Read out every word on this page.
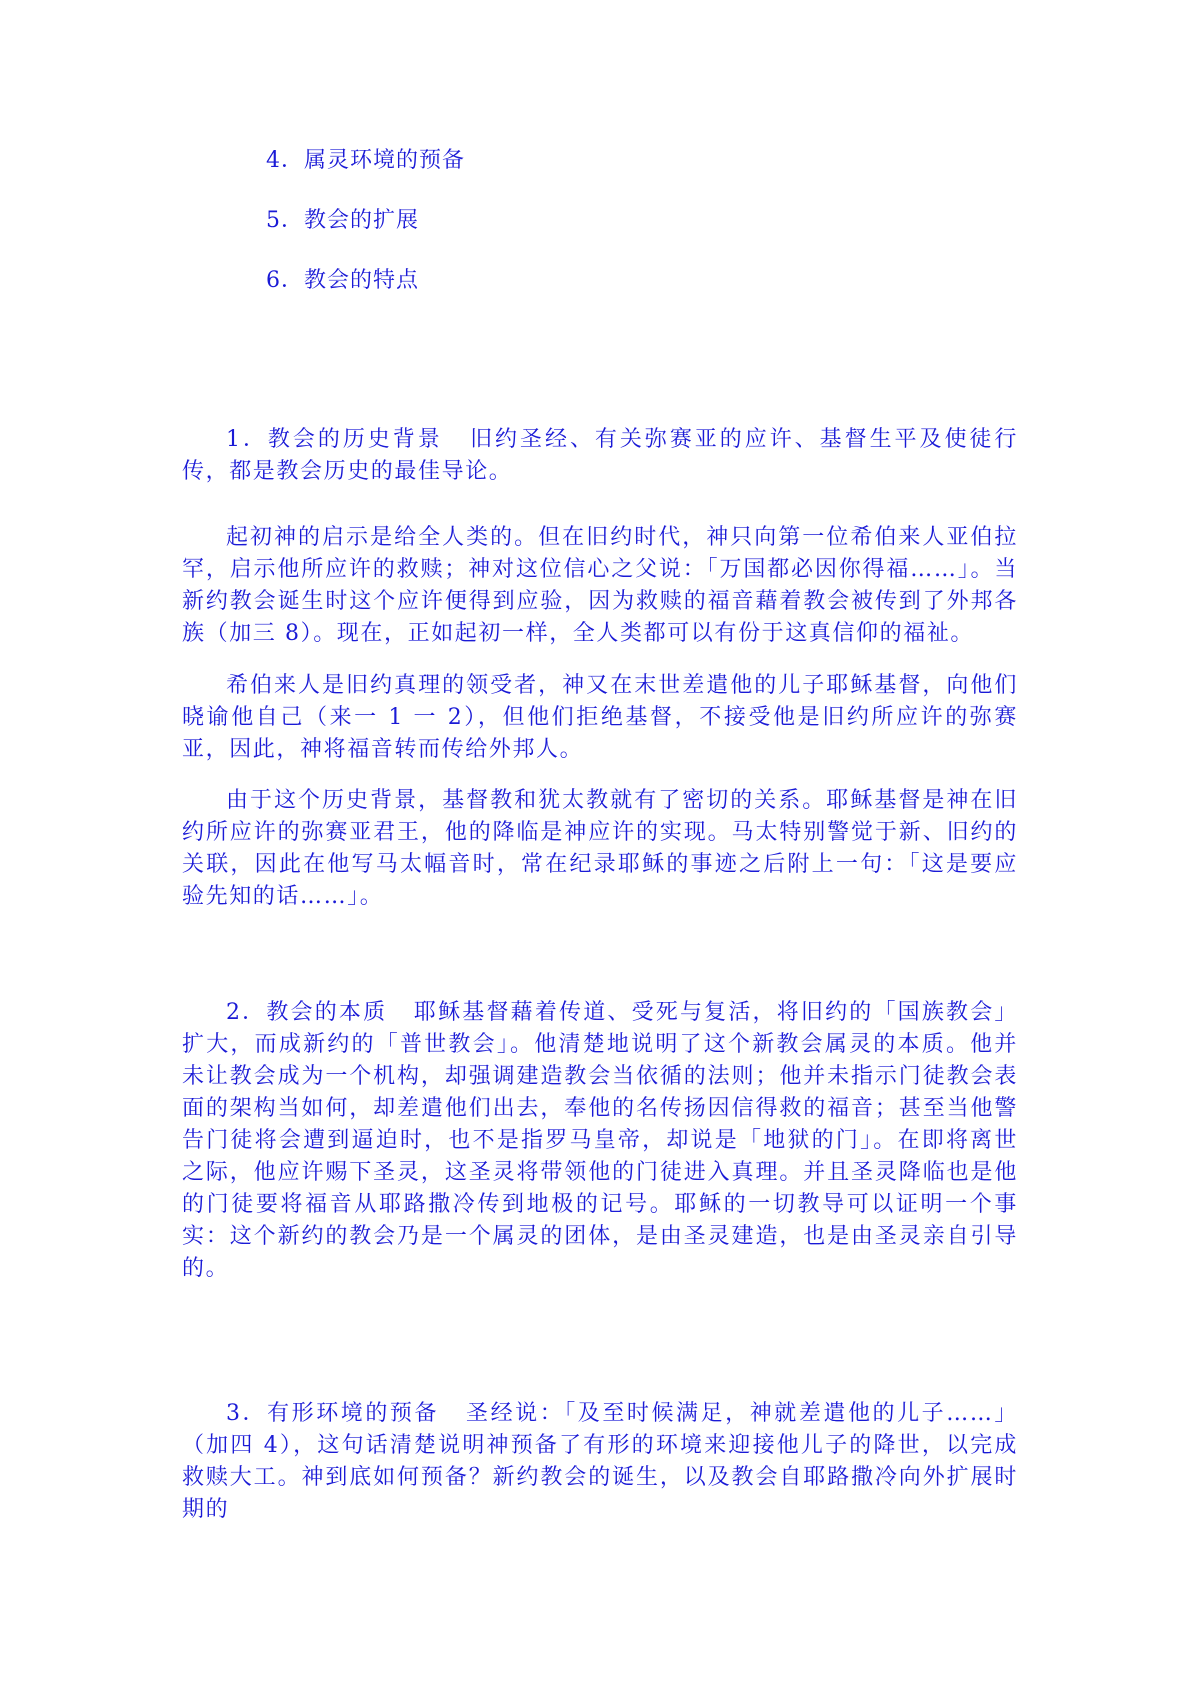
4．属灵环境的预备
5．教会的扩展
6．教会的特点

1．教会的历史背景 旧约圣经、有关弥赛亚的应许、基督生平及使徒行传，都是教会历史的最佳导论。

起初神的启示是给全人类的。但在旧约时代，神只向第一位希伯来人亚伯拉罕，启示他所应许的救赎；神对这位信心之父说：「万国都必因你得福……」。当新约教会诞生时这个应许便得到应验，因为救赎的福音藉着教会被传到了外邦各族（加三 8）。现在，正如起初一样，全人类都可以有份于这真信仰的福祉。

希伯来人是旧约真理的领受者，神又在末世差遣他的儿子耶稣基督，向他们晓谕他自己（来一 1 一 2），但他们拒绝基督，不接受他是旧约所应许的弥赛亚，因此，神将福音转而传给外邦人。

由于这个历史背景，基督教和犹太教就有了密切的关系。耶稣基督是神在旧约所应许的弥赛亚君王，他的降临是神应许的实现。马太特别警觉于新、旧约的关联，因此在他写马太幅音时，常在纪录耶稣的事迹之后附上一句：「这是要应验先知的话……」。

2．教会的本质 耶稣基督藉着传道、受死与复活，将旧约的「国族教会」扩大，而成新约的「普世教会」。他清楚地说明了这个新教会属灵的本质。他并未让教会成为一个机构，却强调建造教会当依循的法则；他并未指示门徒教会表面的架构当如何，却差遣他们出去，奉他的名传扬因信得救的福音；甚至当他警告门徒将会遭到逼迫时，也不是指罗马皇帝，却说是「地狱的门」。在即将离世之际，他应许赐下圣灵，这圣灵将带领他的门徒进入真理。并且圣灵降临也是他的门徒要将福音从耶路撒冷传到地极的记号。耶稣的一切教导可以证明一个事实：这个新约的教会乃是一个属灵的团体，是由圣灵建造，也是由圣灵亲自引导的。

3．有形环境的预备 圣经说：「及至时候满足，神就差遣他的儿子……」（加四 4），这句话清楚说明神预备了有形的环境来迎接他儿子的降世，以完成救赎大工。神到底如何预备？新约教会的诞生，以及教会自耶路撒冷向外扩展时期的
